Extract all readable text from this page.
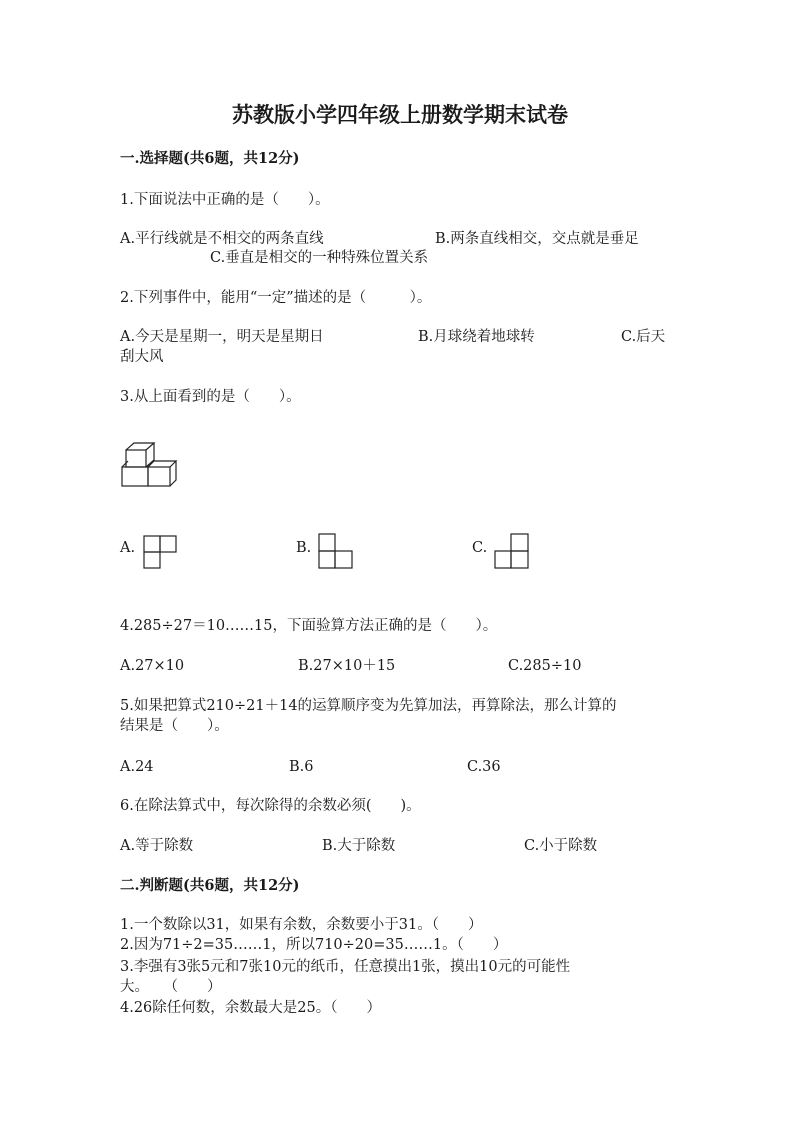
苏教版小学四年级上册数学期末试卷
一.选择题(共6题，共12分)
1.下面说法中正确的是（　　）。
A.平行线就是不相交的两条直线	B.两条直线相交，交点就是垂足
C.垂直是相交的一种特殊位置关系
2.下列事件中，能用“一定”描述的是（　　　）。
A.今天是星期一，明天是星期日	B.月球绕着地球转	C.后天
刮大风
3.从上面看到的是（　　）。
A.	B.	C.
4.285÷27＝10……15，下面验算方法正确的是（　　）。
A.27×10	B.27×10＋15	C.285÷10
5.如果把算式210÷21＋14的运算顺序变为先算加法，再算除法，那么计算的
结果是（　　）。
A.24	B.6	C.36
6.在除法算式中，每次除得的余数必须(　　)。
A.等于除数	B.大于除数	C.小于除数
二.判断题(共6题，共12分)
1.一个数除以31，如果有余数，余数要小于31。（　　）
2.因为71÷2=35……1，所以710÷20=35……1。（　　）
3.李强有3张5元和7张10元的纸币，任意摸出1张，摸出10元的可能性
大。　　（　　）
4.26除任何数，余数最大是25。（　　）
